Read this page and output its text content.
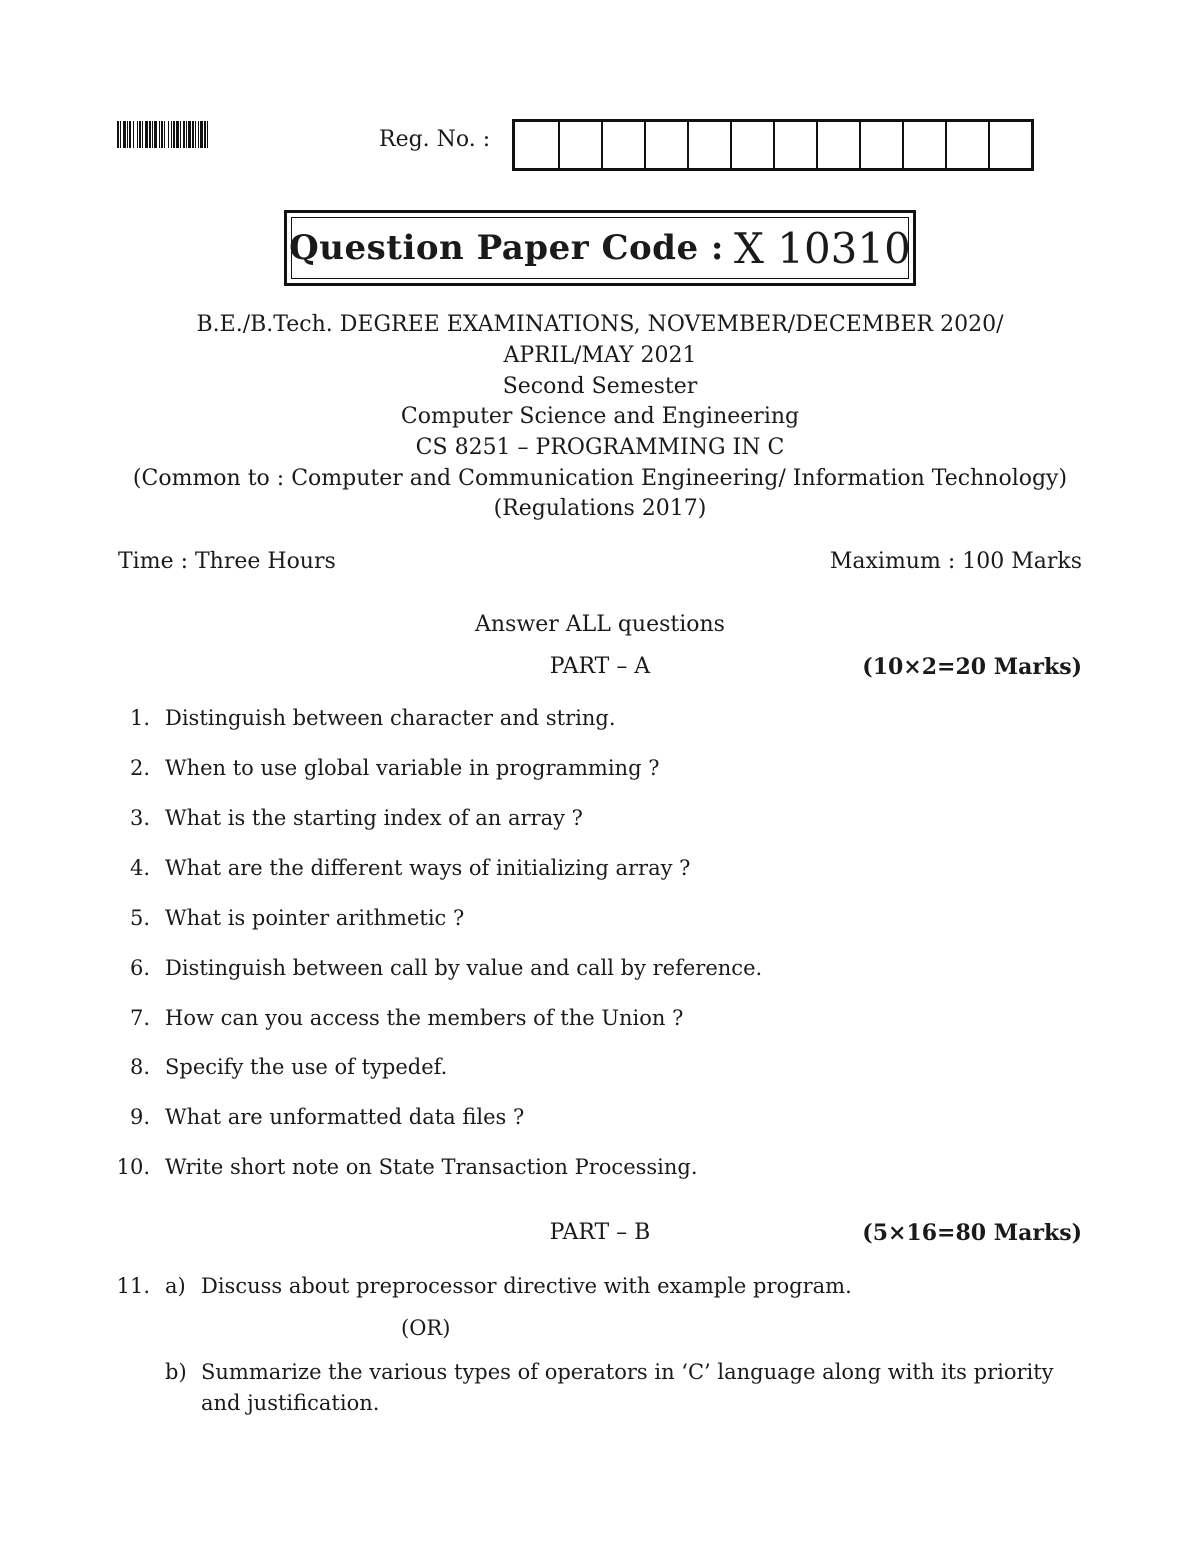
Reg. No. :
Question Paper Code : X 10310
B.E./B.Tech. DEGREE EXAMINATIONS, NOVEMBER/DECEMBER 2020/
APRIL/MAY 2021
Second Semester
Computer Science and Engineering
CS 8251 – PROGRAMMING IN C
(Common to : Computer and Communication Engineering/ Information Technology)
(Regulations 2017)
Time : Three Hours	Maximum : 100 Marks
Answer ALL questions
PART – A	(10×2=20 Marks)
1. Distinguish between character and string.
2. When to use global variable in programming ?
3. What is the starting index of an array ?
4. What are the different ways of initializing array ?
5. What is pointer arithmetic ?
6. Distinguish between call by value and call by reference.
7. How can you access the members of the Union ?
8. Specify the use of typedef.
9. What are unformatted data files ?
10. Write short note on State Transaction Processing.
PART – B	(5×16=80 Marks)
11. a) Discuss about preprocessor directive with example program.
(OR)
b) Summarize the various types of operators in ‘C’ language along with its priority
and justification.
